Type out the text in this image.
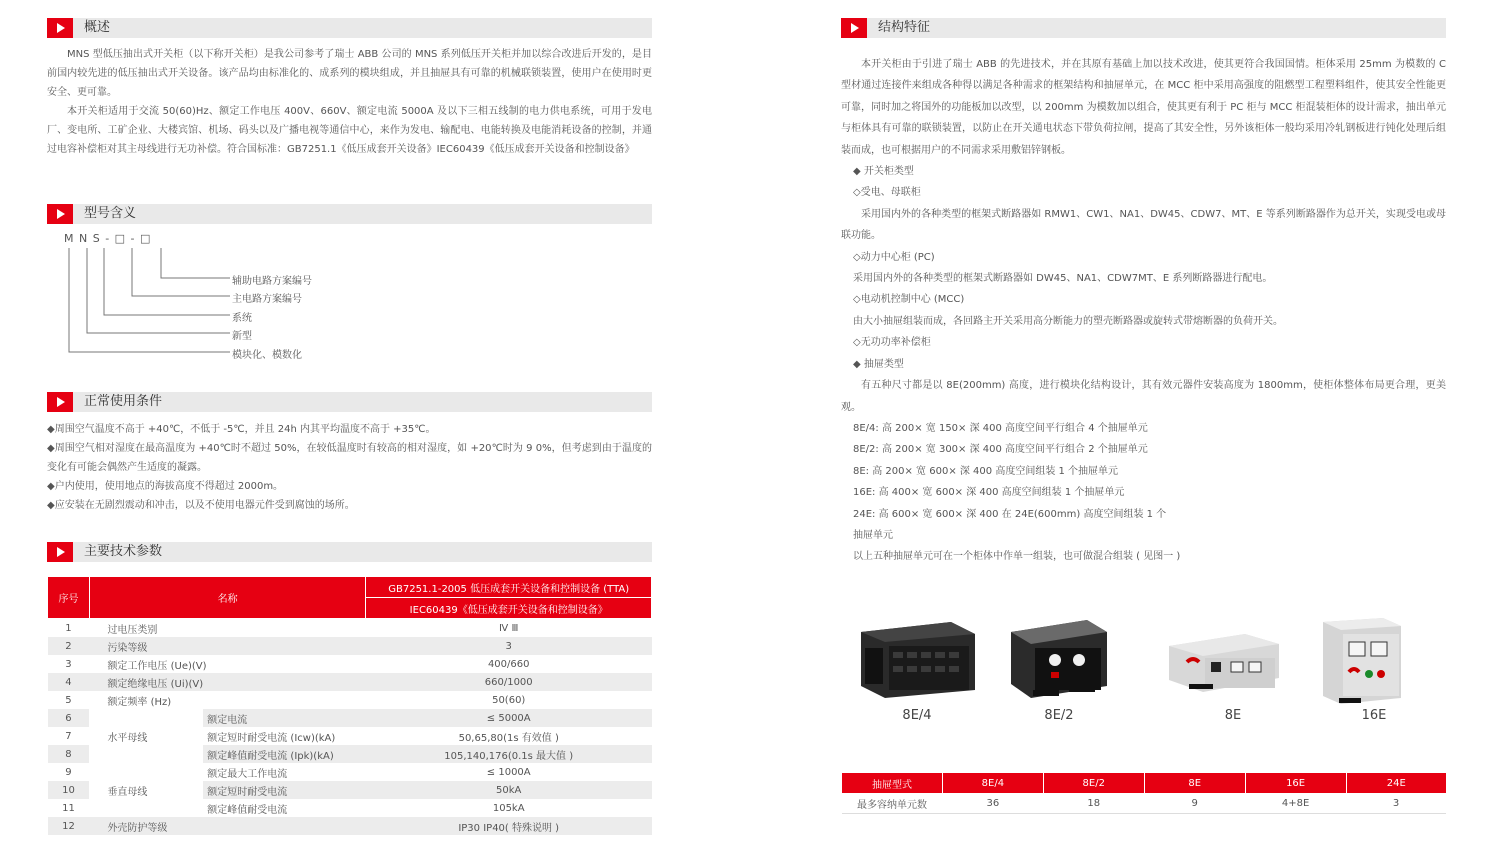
概述

MNS 型低压抽出式开关柜（以下称开关柜）是我公司参考了瑞士 ABB 公司的 MNS 系列低压开关柜并加以综合改进后开发的，是目前国内较先进的低压抽出式开关设备。该产品均由标准化的、成系列的模块组成，并且抽屉具有可靠的机械联锁装置，使用户在使用时更安全、更可靠。

本开关柜适用于交流 50(60)Hz、额定工作电压 400V、660V、额定电流 5000A 及以下三相五线制的电力供电系统，可用于发电厂、变电所、工矿企业、大楼宾馆、机场、码头以及广播电视等通信中心，来作为发电、输配电、电能转换及电能消耗设备的控制，并通过电容补偿柜对其主母线进行无功补偿。符合国标准：GB7251.1《低压成套开关设备》IEC60439《低压成套开关设备和控制设备》

型号含义
M N S - □ - □
辅助电路方案编号
主电路方案编号
系统
新型
模块化、模数化
正常使用条件

◆周围空气温度不高于 +40℃，不低于 -5℃，并且 24h 内其平均温度不高于 +35℃。

◆周围空气相对湿度在最高温度为 +40℃时不超过 50%，在较低温度时有较高的相对湿度，如 +20℃时为 9 0%，但考虑到由于温度的变化有可能会偶然产生适度的凝露。

◆户内使用，使用地点的海拔高度不得超过 2000m。

◆应安装在无剧烈震动和冲击，以及不使用电器元件受到腐蚀的场所。

主要技术参数
序号	名称		GB7251.1-2005 低压成套开关设备和控制设备 (TTA)
			IEC60439《低压成套开关设备和控制设备》
1	过电压类别		Ⅳ Ⅲ
2	污染等级		3
3	额定工作电压 (Ue)(V)		400/660
4	额定绝缘电压 (Ui)(V)		660/1000
5	额定频率 (Hz)		50(60)
6	水平母线	额定电流	≤ 5000A
7		额定短时耐受电流 (Icw)(kA)	50,65,80(1s 有效值 )
8		额定峰值耐受电流 (Ipk)(kA)	105,140,176(0.1s 最大值 )
9	垂直母线	额定最大工作电流	≤ 1000A
10		额定短时耐受电流	50kA
11		额定峰值耐受电流	105kA
12	外壳防护等级		IP30 IP40( 特殊说明 )
结构特征

本开关柜由于引进了瑞士 ABB 的先进技术，并在其原有基础上加以技术改进，使其更符合我国国情。柜体采用 25mm 为模数的 C 型材通过连接件来组成各种得以满足各种需求的框架结构和抽屉单元，在 MCC 柜中采用高强度的阻燃型工程塑料组件，使其安全性能更可靠，同时加之将国外的功能板加以改型，以 200mm 为模数加以组合，使其更有利于 PC 柜与 MCC 柜混装柜体的设计需求，抽出单元与柜体具有可靠的联锁装置，以防止在开关通电状态下带负荷拉闸，提高了其安全性，另外该柜体一般均采用冷轧钢板进行钝化处理后组装而成，也可根据用户的不同需求采用敷铝锌钢板。

◆ 开关柜类型

◇受电、母联柜

采用国内外的各种类型的框架式断路器如 RMW1、CW1、NA1、DW45、CDW7、MT、E 等系列断路器作为总开关，实现受电或母联功能。

◇动力中心柜 (PC)

采用国内外的各种类型的框架式断路器如 DW45、NA1、CDW7MT、E 系列断路器进行配电。

◇电动机控制中心 (MCC)

由大小抽屉组装而成，各回路主开关采用高分断能力的塑壳断路器或旋转式带熔断器的负荷开关。

◇无功功率补偿柜

◆ 抽屉类型

有五种尺寸都是以 8E(200mm) 高度，进行模块化结构设计，其有效元器件安装高度为 1800mm，使柜体整体布局更合理，更美观。

8E/4: 高 200× 宽 150× 深 400 高度空间平行组合 4 个抽屉单元

8E/2: 高 200× 宽 300× 深 400 高度空间平行组合 2 个抽屉单元

8E: 高 200× 宽 600× 深 400 高度空间组装 1 个抽屉单元

16E: 高 400× 宽 600× 深 400 高度空间组装 1 个抽屉单元

24E: 高 600× 宽 600× 深 400 在 24E(600mm) 高度空间组装 1 个

抽屉单元

以上五种抽屉单元可在一个柜体中作单一组装，也可做混合组装 ( 见图一 )

8E/4	8E/2	8E	16E
抽屉型式	8E/4	8E/2	8E	16E	24E
最多容纳单元数	36	18	9	4+8E	3
